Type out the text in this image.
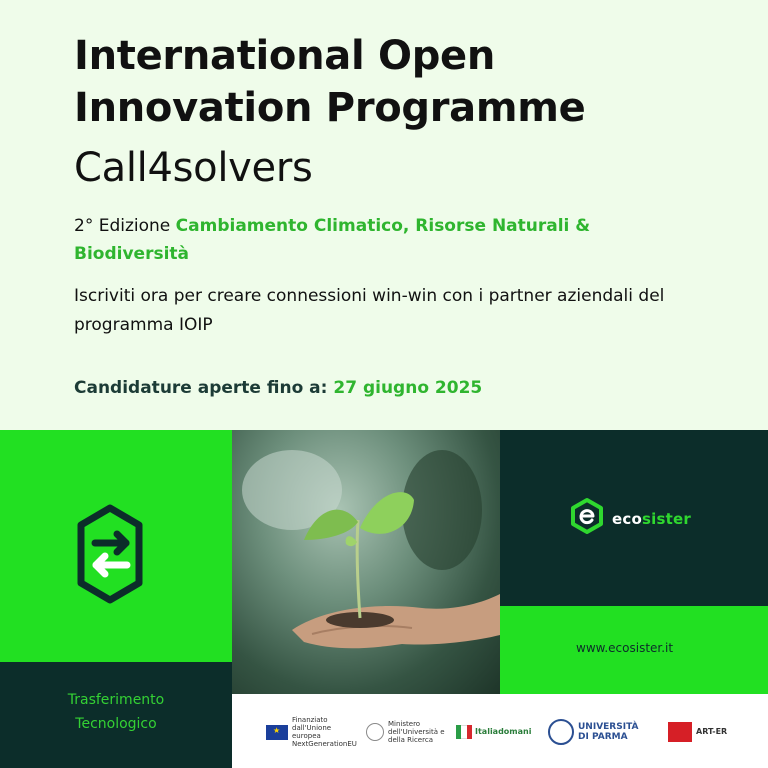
International Open Innovation Programme
Call4solvers

2° Edizione Cambiamento Climatico, Risorse Naturali & Biodiversità

Iscriviti ora per creare connessioni win-win con i partner aziendali del programma IOIP

Candidature aperte fino a: 27 giugno 2025

Trasferimento
Tecnologico
ecosister
www.ecosister.it
★
Finanziato dall'Unione europea NextGenerationEU
Ministero dell'Università e della Ricerca
Italiadomani	UNIVERSITÀ
DI PARMA
ART-ER
